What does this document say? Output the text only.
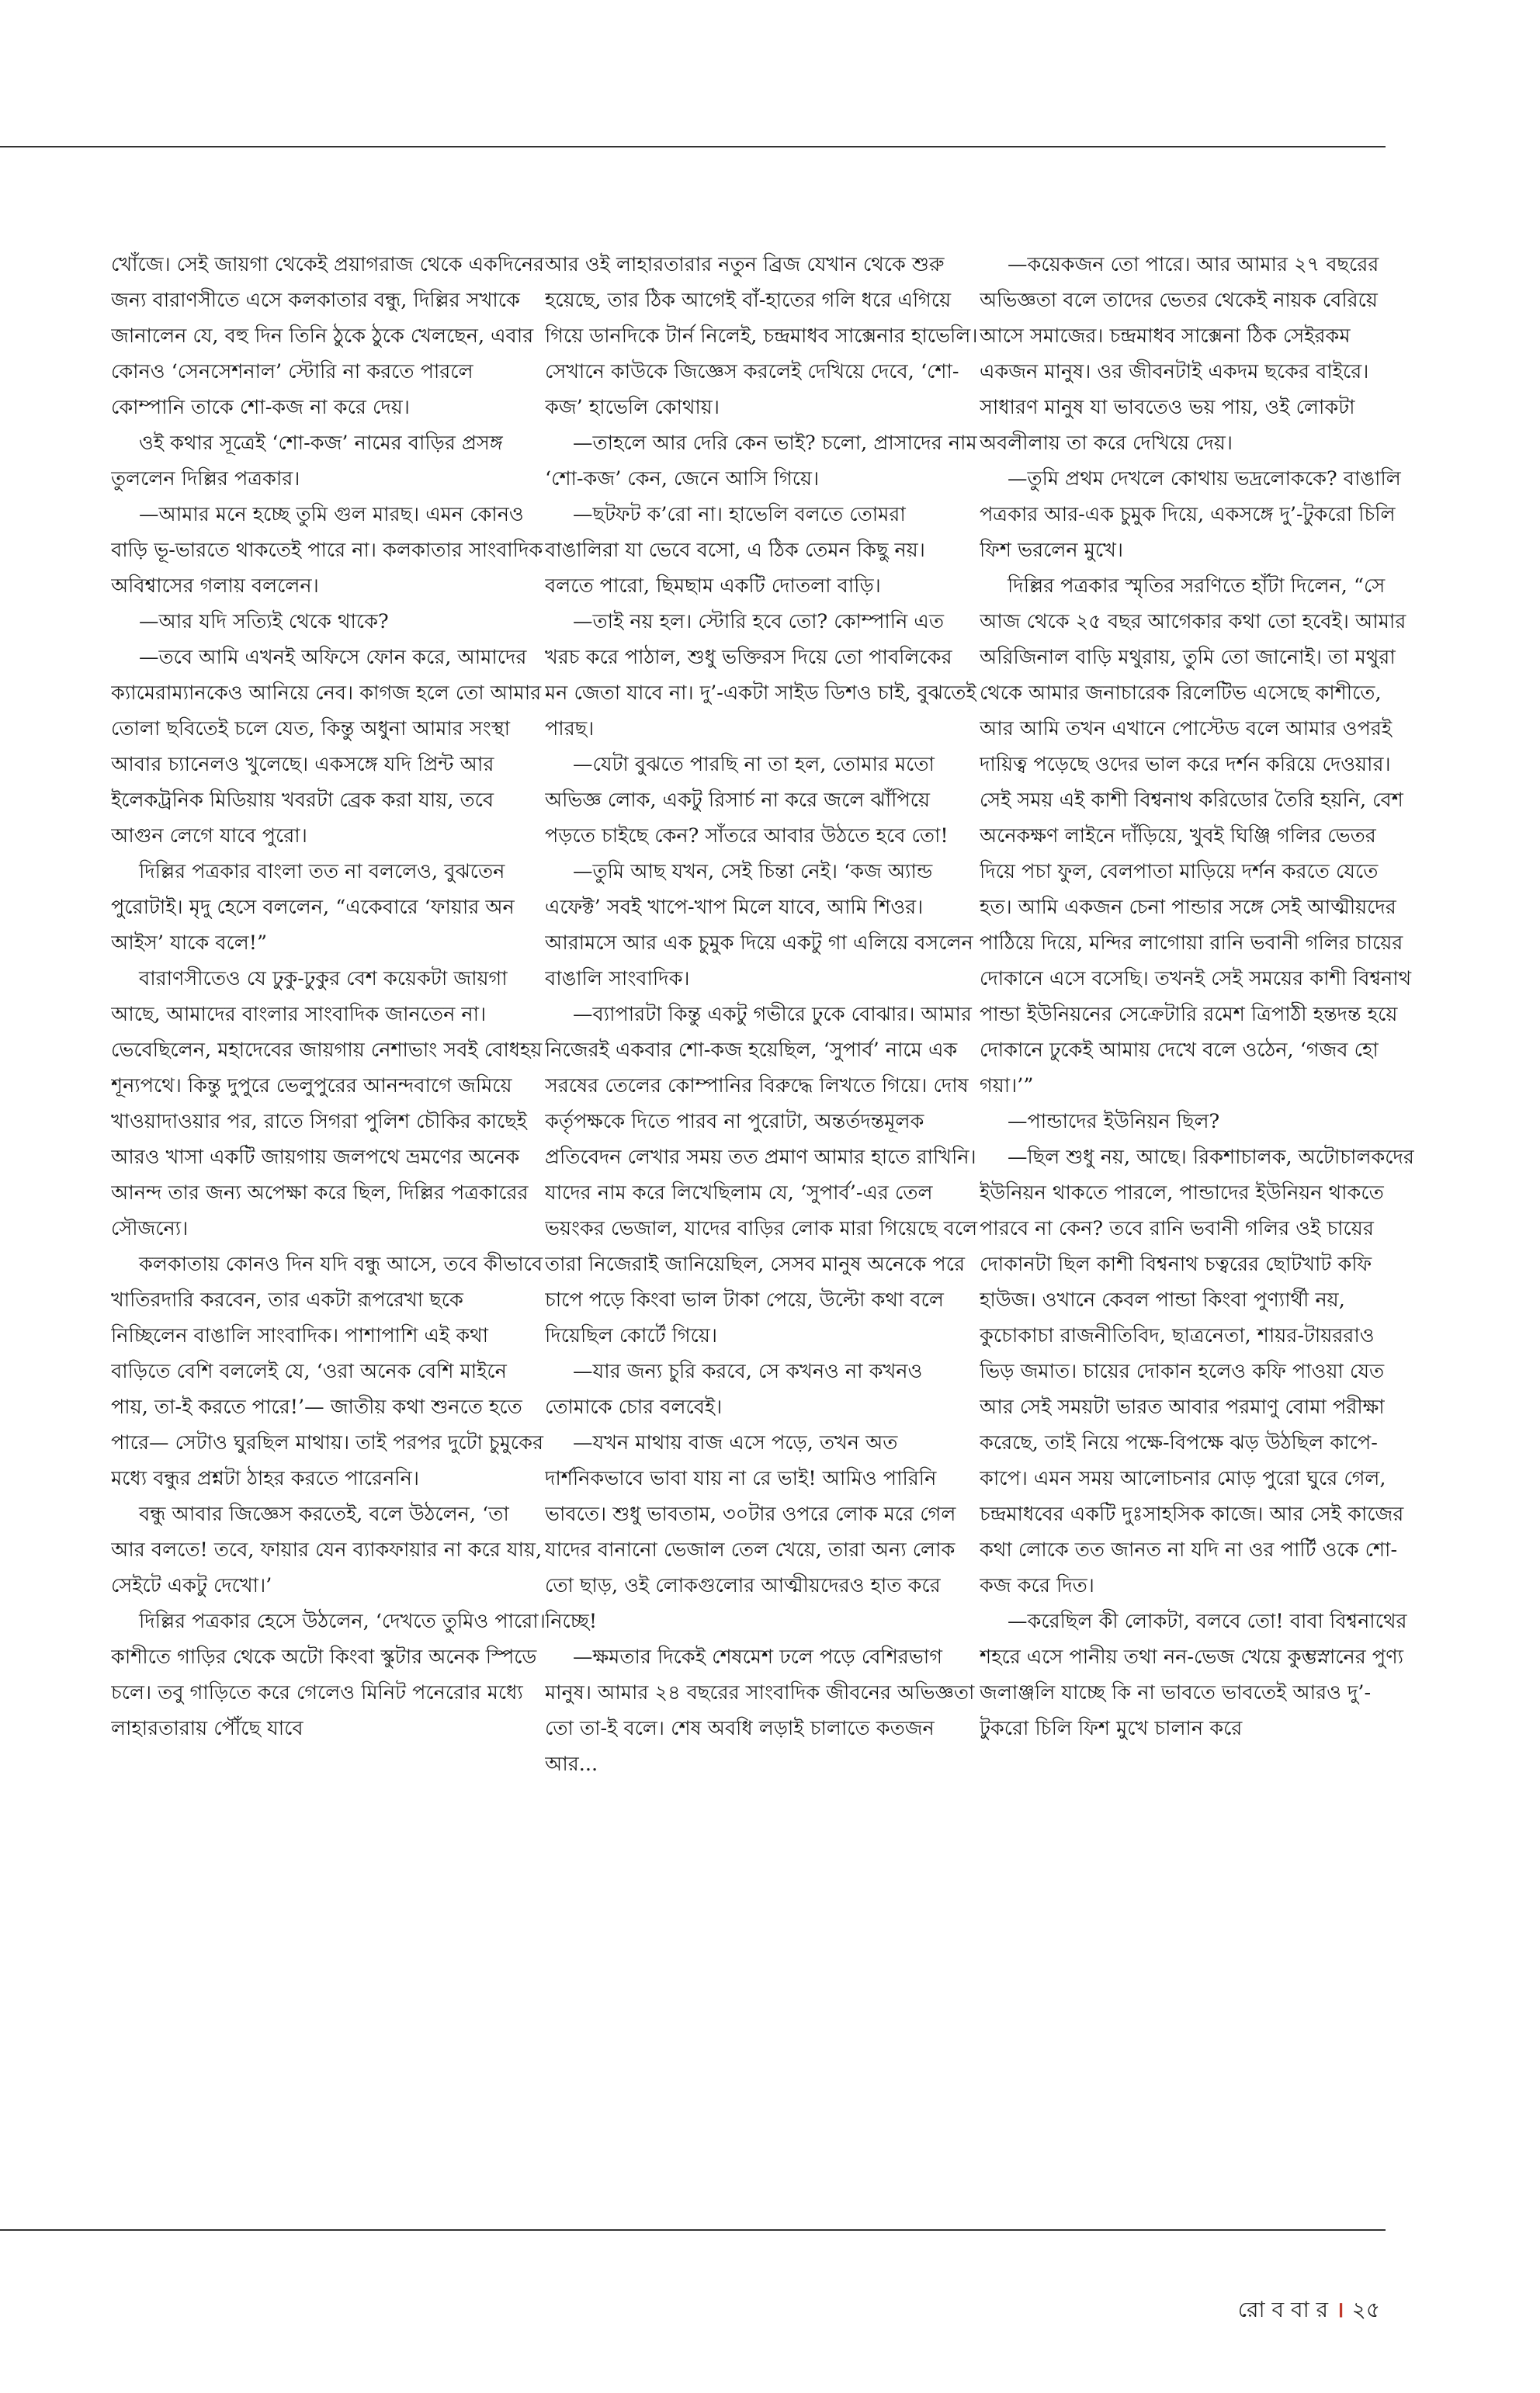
খোঁজে। সেই জায়গা থেকেই প্রয়াগরাজ থেকে একদিনের জন্য বারাণসীতে এসে কলকাতার বন্ধু, দিল্লির সখাকে জানালেন যে, বহু দিন তিনি ঠুকে ঠুকে খেলছেন, এবার কোনও ‘সেনসেশনাল’ স্টোরি না করতে পারলে কোম্পানি তাকে শো-কজ না করে দেয়।

ওই কথার সূত্রেই ‘শো-কজ’ নামের বাড়ির প্রসঙ্গ তুললেন দিল্লির পত্রকার।

—আমার মনে হচ্ছে তুমি গুল মারছ। এমন কোনও বাড়ি ভূ-ভারতে থাকতেই পারে না। কলকাতার সাংবাদিক অবিশ্বাসের গলায় বললেন।

—আর যদি সত্যিই থেকে থাকে?

—তবে আমি এখনই অফিসে ফোন করে, আমাদের ক্যামেরাম্যানকেও আনিয়ে নেব। কাগজ হলে তো আমার তোলা ছবিতেই চলে যেত, কিন্তু অধুনা আমার সংস্থা আবার চ্যানেলও খুলেছে। একসঙ্গে যদি প্রিন্ট আর ইলেকট্রনিক মিডিয়ায় খবরটা ব্রেক করা যায়, তবে আগুন লেগে যাবে পুরো।

দিল্লির পত্রকার বাংলা তত না বললেও, বুঝতেন পুরোটাই। মৃদু হেসে বললেন, “একেবারে ‘ফায়ার অন আইস’ যাকে বলে!”

বারাণসীতেও যে ঢুকু-ঢুকুর বেশ কয়েকটা জায়গা আছে, আমাদের বাংলার সাংবাদিক জানতেন না। ভেবেছিলেন, মহাদেবের জায়গায় নেশাভাং সবই বোধহয় শূন্যপথে। কিন্তু দুপুরে ভেলুপুরের আনন্দবাগে জমিয়ে খাওয়াদাওয়ার পর, রাতে সিগরা পুলিশ চৌকির কাছেই আরও খাসা একটি জায়গায় জলপথে ভ্রমণের অনেক আনন্দ তার জন্য অপেক্ষা করে ছিল, দিল্লির পত্রকারের সৌজন্যে।

কলকাতায় কোনও দিন যদি বন্ধু আসে, তবে কীভাবে খাতিরদারি করবেন, তার একটা রূপরেখা ছকে নিচ্ছিলেন বাঙালি সাংবাদিক। পাশাপাশি এই কথা বাড়িতে বেশি বললেই যে, ‘ওরা অনেক বেশি মাইনে পায়, তা-ই করতে পারে!’— জাতীয় কথা শুনতে হতে পারে— সেটাও ঘুরছিল মাথায়। তাই পরপর দুটো চুমুকের মধ্যে বন্ধুর প্রশ্নটা ঠাহর করতে পারেননি।

বন্ধু আবার জিজ্ঞেস করতেই, বলে উঠলেন, ‘তা আর বলতে! তবে, ফায়ার যেন ব্যাকফায়ার না করে যায়, সেইটে একটু দেখো।’

দিল্লির পত্রকার হেসে উঠলেন, ‘দেখতে তুমিও পারো। কাশীতে গাড়ির থেকে অটো কিংবা স্কুটার অনেক স্পিডে চলে। তবু গাড়িতে করে গেলেও মিনিট পনেরোর মধ্যে লাহারতারায় পৌঁছে যাবে

আর ওই লাহারতারার নতুন ব্রিজ যেখান থেকে শুরু হয়েছে, তার ঠিক আগেই বাঁ-হাতের গলি ধরে এগিয়ে গিয়ে ডানদিকে টার্ন নিলেই, চন্দ্রমাধব সাক্সেনার হাভেলি। সেখানে কাউকে জিজ্ঞেস করলেই দেখিয়ে দেবে, ‘শো-কজ’ হাভেলি কোথায়।

—তাহলে আর দেরি কেন ভাই? চলো, প্রাসাদের নাম ‘শো-কজ’ কেন, জেনে আসি গিয়ে।

—ছটফট ক’রো না। হাভেলি বলতে তোমরা বাঙালিরা যা ভেবে বসো, এ ঠিক তেমন কিছু নয়। বলতে পারো, ছিমছাম একটি দোতলা বাড়ি।

—তাই নয় হল। স্টোরি হবে তো? কোম্পানি এত খরচ করে পাঠাল, শুধু ভক্তিরস দিয়ে তো পাবলিকের মন জেতা যাবে না। দু’-একটা সাইড ডিশও চাই, বুঝতেই পারছ।

—যেটা বুঝতে পারছি না তা হল, তোমার মতো অভিজ্ঞ লোক, একটু রিসার্চ না করে জলে ঝাঁপিয়ে পড়তে চাইছে কেন? সাঁতরে আবার উঠতে হবে তো!

—তুমি আছ যখন, সেই চিন্তা নেই। ‘কজ অ্যান্ড এফেক্ট’ সবই খাপে-খাপ মিলে যাবে, আমি শিওর। আরামসে আর এক চুমুক দিয়ে একটু গা এলিয়ে বসলেন বাঙালি সাংবাদিক।

—ব্যাপারটা কিন্তু একটু গভীরে ঢুকে বোঝার। আমার নিজেরই একবার শো-কজ হয়েছিল, ‘সুপার্ব’ নামে এক সরষের তেলের কোম্পানির বিরুদ্ধে লিখতে গিয়ে। দোষ কর্তৃপক্ষকে দিতে পারব না পুরোটা, অন্তর্তদন্তমূলক প্রতিবেদন লেখার সময় তত প্রমাণ আমার হাতে রাখিনি। যাদের নাম করে লিখেছিলাম যে, ‘সুপার্ব’-এর তেল ভয়ংকর ভেজাল, যাদের বাড়ির লোক মারা গিয়েছে বলে তারা নিজেরাই জানিয়েছিল, সেসব মানুষ অনেকে পরে চাপে পড়ে কিংবা ভাল টাকা পেয়ে, উল্টো কথা বলে দিয়েছিল কোর্টে গিয়ে।

—যার জন্য চুরি করবে, সে কখনও না কখনও তোমাকে চোর বলবেই।

—যখন মাথায় বাজ এসে পড়ে, তখন অত দার্শনিকভাবে ভাবা যায় না রে ভাই! আমিও পারিনি ভাবতে। শুধু ভাবতাম, ৩০টার ওপরে লোক মরে গেল যাদের বানানো ভেজাল তেল খেয়ে, তারা অন্য লোক তো ছাড়, ওই লোকগুলোর আত্মীয়দেরও হাত করে নিচ্ছে!

—ক্ষমতার দিকেই শেষমেশ ঢলে পড়ে বেশিরভাগ মানুষ। আমার ২৪ বছরের সাংবাদিক জীবনের অভিজ্ঞতা তো তা-ই বলে। শেষ অবধি লড়াই চালাতে কতজন আর...

—কয়েকজন তো পারে। আর আমার ২৭ বছরের অভিজ্ঞতা বলে তাদের ভেতর থেকেই নায়ক বেরিয়ে আসে সমাজের। চন্দ্রমাধব সাক্সেনা ঠিক সেইরকম একজন মানুষ। ওর জীবনটাই একদম ছকের বাইরে। সাধারণ মানুষ যা ভাবতেও ভয় পায়, ওই লোকটা অবলীলায় তা করে দেখিয়ে দেয়।

—তুমি প্রথম দেখলে কোথায় ভদ্রলোককে? বাঙালি পত্রকার আর-এক চুমুক দিয়ে, একসঙ্গে দু’-টুকরো চিলি ফিশ ভরলেন মুখে।

দিল্লির পত্রকার স্মৃতির সরণিতে হাঁটা দিলেন, “সে আজ থেকে ২৫ বছর আগেকার কথা তো হবেই। আমার অরিজিনাল বাড়ি মথুরায়, তুমি তো জানোই। তা মথুরা থেকে আমার জনাচারেক রিলেটিভ এসেছে কাশীতে, আর আমি তখন এখানে পোস্টেড বলে আমার ওপরই দায়িত্ব পড়েছে ওদের ভাল করে দর্শন করিয়ে দেওয়ার। সেই সময় এই কাশী বিশ্বনাথ করিডোর তৈরি হয়নি, বেশ অনেকক্ষণ লাইনে দাঁড়িয়ে, খুবই ঘিঞ্জি গলির ভেতর দিয়ে পচা ফুল, বেলপাতা মাড়িয়ে দর্শন করতে যেতে হত। আমি একজন চেনা পান্ডার সঙ্গে সেই আত্মীয়দের পাঠিয়ে দিয়ে, মন্দির লাগোয়া রানি ভবানী গলির চায়ের দোকানে এসে বসেছি। তখনই সেই সময়ের কাশী বিশ্বনাথ পান্ডা ইউনিয়নের সেক্রেটারি রমেশ ত্রিপাঠী হন্তদন্ত হয়ে দোকানে ঢুকেই আমায় দেখে বলে ওঠেন, ‘গজব হো গয়া।’”

—পান্ডাদের ইউনিয়ন ছিল?

—ছিল শুধু নয়, আছে। রিকশাচালক, অটোচালকদের ইউনিয়ন থাকতে পারলে, পান্ডাদের ইউনিয়ন থাকতে পারবে না কেন? তবে রানি ভবানী গলির ওই চায়ের দোকানটা ছিল কাশী বিশ্বনাথ চত্বরের ছোটখাট কফি হাউজ। ওখানে কেবল পান্ডা কিংবা পুণ্যার্থী নয়, কুচোকাচা রাজনীতিবিদ, ছাত্রনেতা, শায়র-টায়ররাও ভিড় জমাত। চায়ের দোকান হলেও কফি পাওয়া যেত আর সেই সময়টা ভারত আবার পরমাণু বোমা পরীক্ষা করেছে, তাই নিয়ে পক্ষে-বিপক্ষে ঝড় উঠছিল কাপে-কাপে। এমন সময় আলোচনার মোড় পুরো ঘুরে গেল, চন্দ্রমাধবের একটি দুঃসাহসিক কাজে। আর সেই কাজের কথা লোকে তত জানত না যদি না ওর পার্টি ওকে শো-কজ করে দিত।

—করেছিল কী লোকটা, বলবে তো! বাবা বিশ্বনাথের শহরে এসে পানীয় তথা নন-ভেজ খেয়ে কুম্ভস্নানের পুণ্য জলাঞ্জলি যাচ্ছে কি না ভাবতে ভাবতেই আরও দু’-টুকরো চিলি ফিশ মুখে চালান করে

রো ব বা র । ২৫
